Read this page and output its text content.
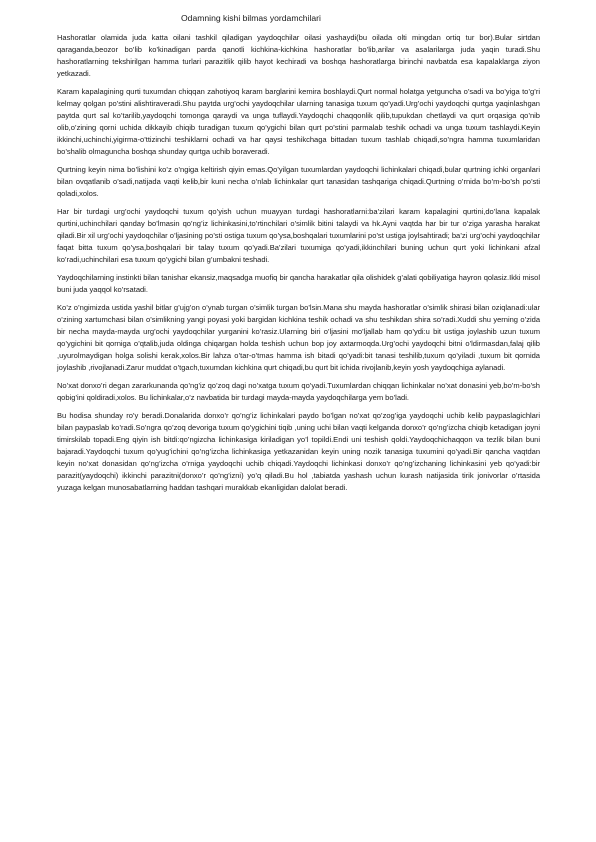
Odamning kishi bilmas yordamchilari

Hashoratlar olamida juda katta oilani tashkil qiladigan yaydoqchilar oilasi yashaydi(bu oilada olti mingdan ortiq tur bor).Bular sirtdan qaraganda,beozor bo’lib ko’kinadigan parda qanotli kichkina-kichkina hashoratlar bo’lib,arilar va asalarilarga juda yaqin turadi.Shu hashoratlarning tekshirilgan hamma turlari parazitlik qilib hayot kechiradi va boshqa hashoratlarga birinchi navbatda esa kapalaklarga ziyon yetkazadi.

Karam kapalagining qurti tuxumdan chiqqan zahotiyoq karam barglarini kemira boshlaydi.Qurt normal holatga yetguncha o’sadi va bo’yiga to’g’ri kelmay qolgan po’stini alishtiraveradi.Shu paytda urg’ochi yaydoqchilar ularning tanasiga tuxum qo’yadi.Urg’ochi yaydoqchi qurtga yaqinlashgan paytda qurt sal ko’tarilib,yaydoqchi tomonga qaraydi va unga tuflaydi.Yaydoqchi chaqqonlik qilib,tupukdan chetlaydi va qurt orqasiga qo’nib olib,o’zining qorni uchida dikkayib chiqib turadigan tuxum qo’ygichi bilan qurt po’stini parmalab teshik ochadi va unga tuxum tashlaydi.Keyin ikkinchi,uchinchi,yigirma-o’ttizinchi teshiklarni ochadi va har qaysi teshikchaga bittadan tuxum tashlab chiqadi,so’ngra hamma tuxumlaridan bo’shalib olmaguncha boshqa shunday qurtga uchib boraveradi.

Qurtning keyin nima bo’lishini ko’z o’ngiga keltirish qiyin emas.Qo’yilgan tuxumlardan yaydoqchi lichinkalari chiqadi,bular qurtning ichki organlari bilan ovqatlanib o’sadi,natijada vaqti kelib,bir kuni necha o’nlab lichinkalar qurt tanasidan tashqariga chiqadi.Qurtning o’rnida bo’m-bo’sh po’sti qoladi,xolos.

Har bir turdagi urg’ochi yaydoqchi tuxum qo’yish uchun muayyan turdagi hashoratlarni:ba’zilari karam kapalagini qurtini,do’lana kapalak qurtini,uchinchilari qanday bo’lmasin qo’ng’iz lichinkasini,to’rtinchilari o’simlik bitini talaydi va hk.Ayni vaqtda har bir tur o’ziga yarasha harakat qiladi.Bir xil urg’ochi yaydoqchilar o’ljasining po’sti ostiga tuxum qo’ysa,boshqalari tuxumlarini po’st ustiga joylsahtiradi; ba’zi urg’ochi yaydoqchilar faqat bitta tuxum qo’ysa,boshqalari bir talay tuxum qo’yadi.Ba’zilari tuxumiga qo’yadi,ikkinchilari buning uchun qurt yoki lichinkani afzal ko’radi,uchinchilari esa tuxum qo’ygichi bilan g’umbakni teshadi.

Yaydoqchilarning instinkti bilan tanishar ekansiz,maqsadga muofiq bir qancha harakatlar qila olishidek g’alati qobiliyatiga hayron qolasiz.Ikki misol buni juda yaqqol ko’rsatadi.

Ko’z o’ngimizda ustida yashil bitlar g’ujg’on o’ynab turgan o’simlik turgan bo’lsin.Mana shu mayda hashoratlar o’simlik shirasi bilan oziqlanadi:ular o’zining xartumchasi bilan o’simlikning yangi poyasi yoki bargidan kichkina teshik ochadi va shu teshikdan shira so’radi.Xuddi shu yerning o’zida bir necha mayda-mayda urg’ochi yaydoqchilar yurganini ko’rasiz.Ularning biri o’ljasini mo’ljallab ham qo’ydi:u bit ustiga joylashib uzun tuxum qo’ygichini bit qorniga o’qtalib,juda oldinga chiqargan holda teshish uchun bop joy axtarmoqda.Urg’ochi yaydoqchi bitni o’ldirmasdan,falaj qilib ,uyurolmaydigan holga solishi kerak,xolos.Bir lahza o’tar-o’tmas hamma ish bitadi qo’yadi:bit tanasi teshilib,tuxum qo’yiladi ,tuxum bit qornida joylashib ,rivojlanadi.Zarur muddat o’tgach,tuxumdan kichkina qurt chiqadi,bu qurt bit ichida rivojlanib,keyin yosh yaydoqchiga aylanadi.

No’xat donxo’ri degan zararkunanda qo’ng’iz qo’zoq dagi no’xatga tuxum qo’yadi.Tuxumlardan chiqqan lichinkalar no’xat donasini yeb,bo’m-bo’sh qobig’ini qoldiradi,xolos. Bu lichinkalar,o’z navbatida bir turdagi mayda-mayda yaydoqchilarga yem bo’ladi.

Bu hodisa shunday ro’y beradi.Donalarida donxo’r qo’ng’iz lichinkalari paydo bo’lgan no’xat qo’zog’iga yaydoqchi uchib kelib paypaslagichlari bilan paypaslab ko’radi.So’ngra qo’zoq devoriga tuxum qo’ygichini tiqib ,uning uchi bilan vaqti kelganda donxo’r qo’ng’izcha chiqib ketadigan joyni timirskilab topadi.Eng qiyin ish bitdi:qo’ngizcha lichinkasiga kiriladigan yo’l topildi.Endi uni teshish qoldi.Yaydoqchichaqqon va tezlik bilan buni bajaradi.Yaydoqchi tuxum qo’yug’ichini qo’ng’izcha lichinkasiga yetkazanidan keyin uning nozik tanasiga tuxumini qo’yadi.Bir qancha vaqtdan keyin no’xat donasidan qo’ng’izcha o’rniga yaydoqchi uchib chiqadi.Yaydoqchi lichinkasi donxo’r qo’ng’izchaning lichinkasini yeb qo’yadi:bir parazit(yaydoqchi) ikkinchi parazitni(donxo’r qo’ng’izni) yo’q qiladi.Bu hol ,tabiatda yashash uchun kurash natijasida tirik jonivorlar o’rtasida yuzaga kelgan munosabatlarning haddan tashqari murakkab ekanligidan dalolat beradi.
